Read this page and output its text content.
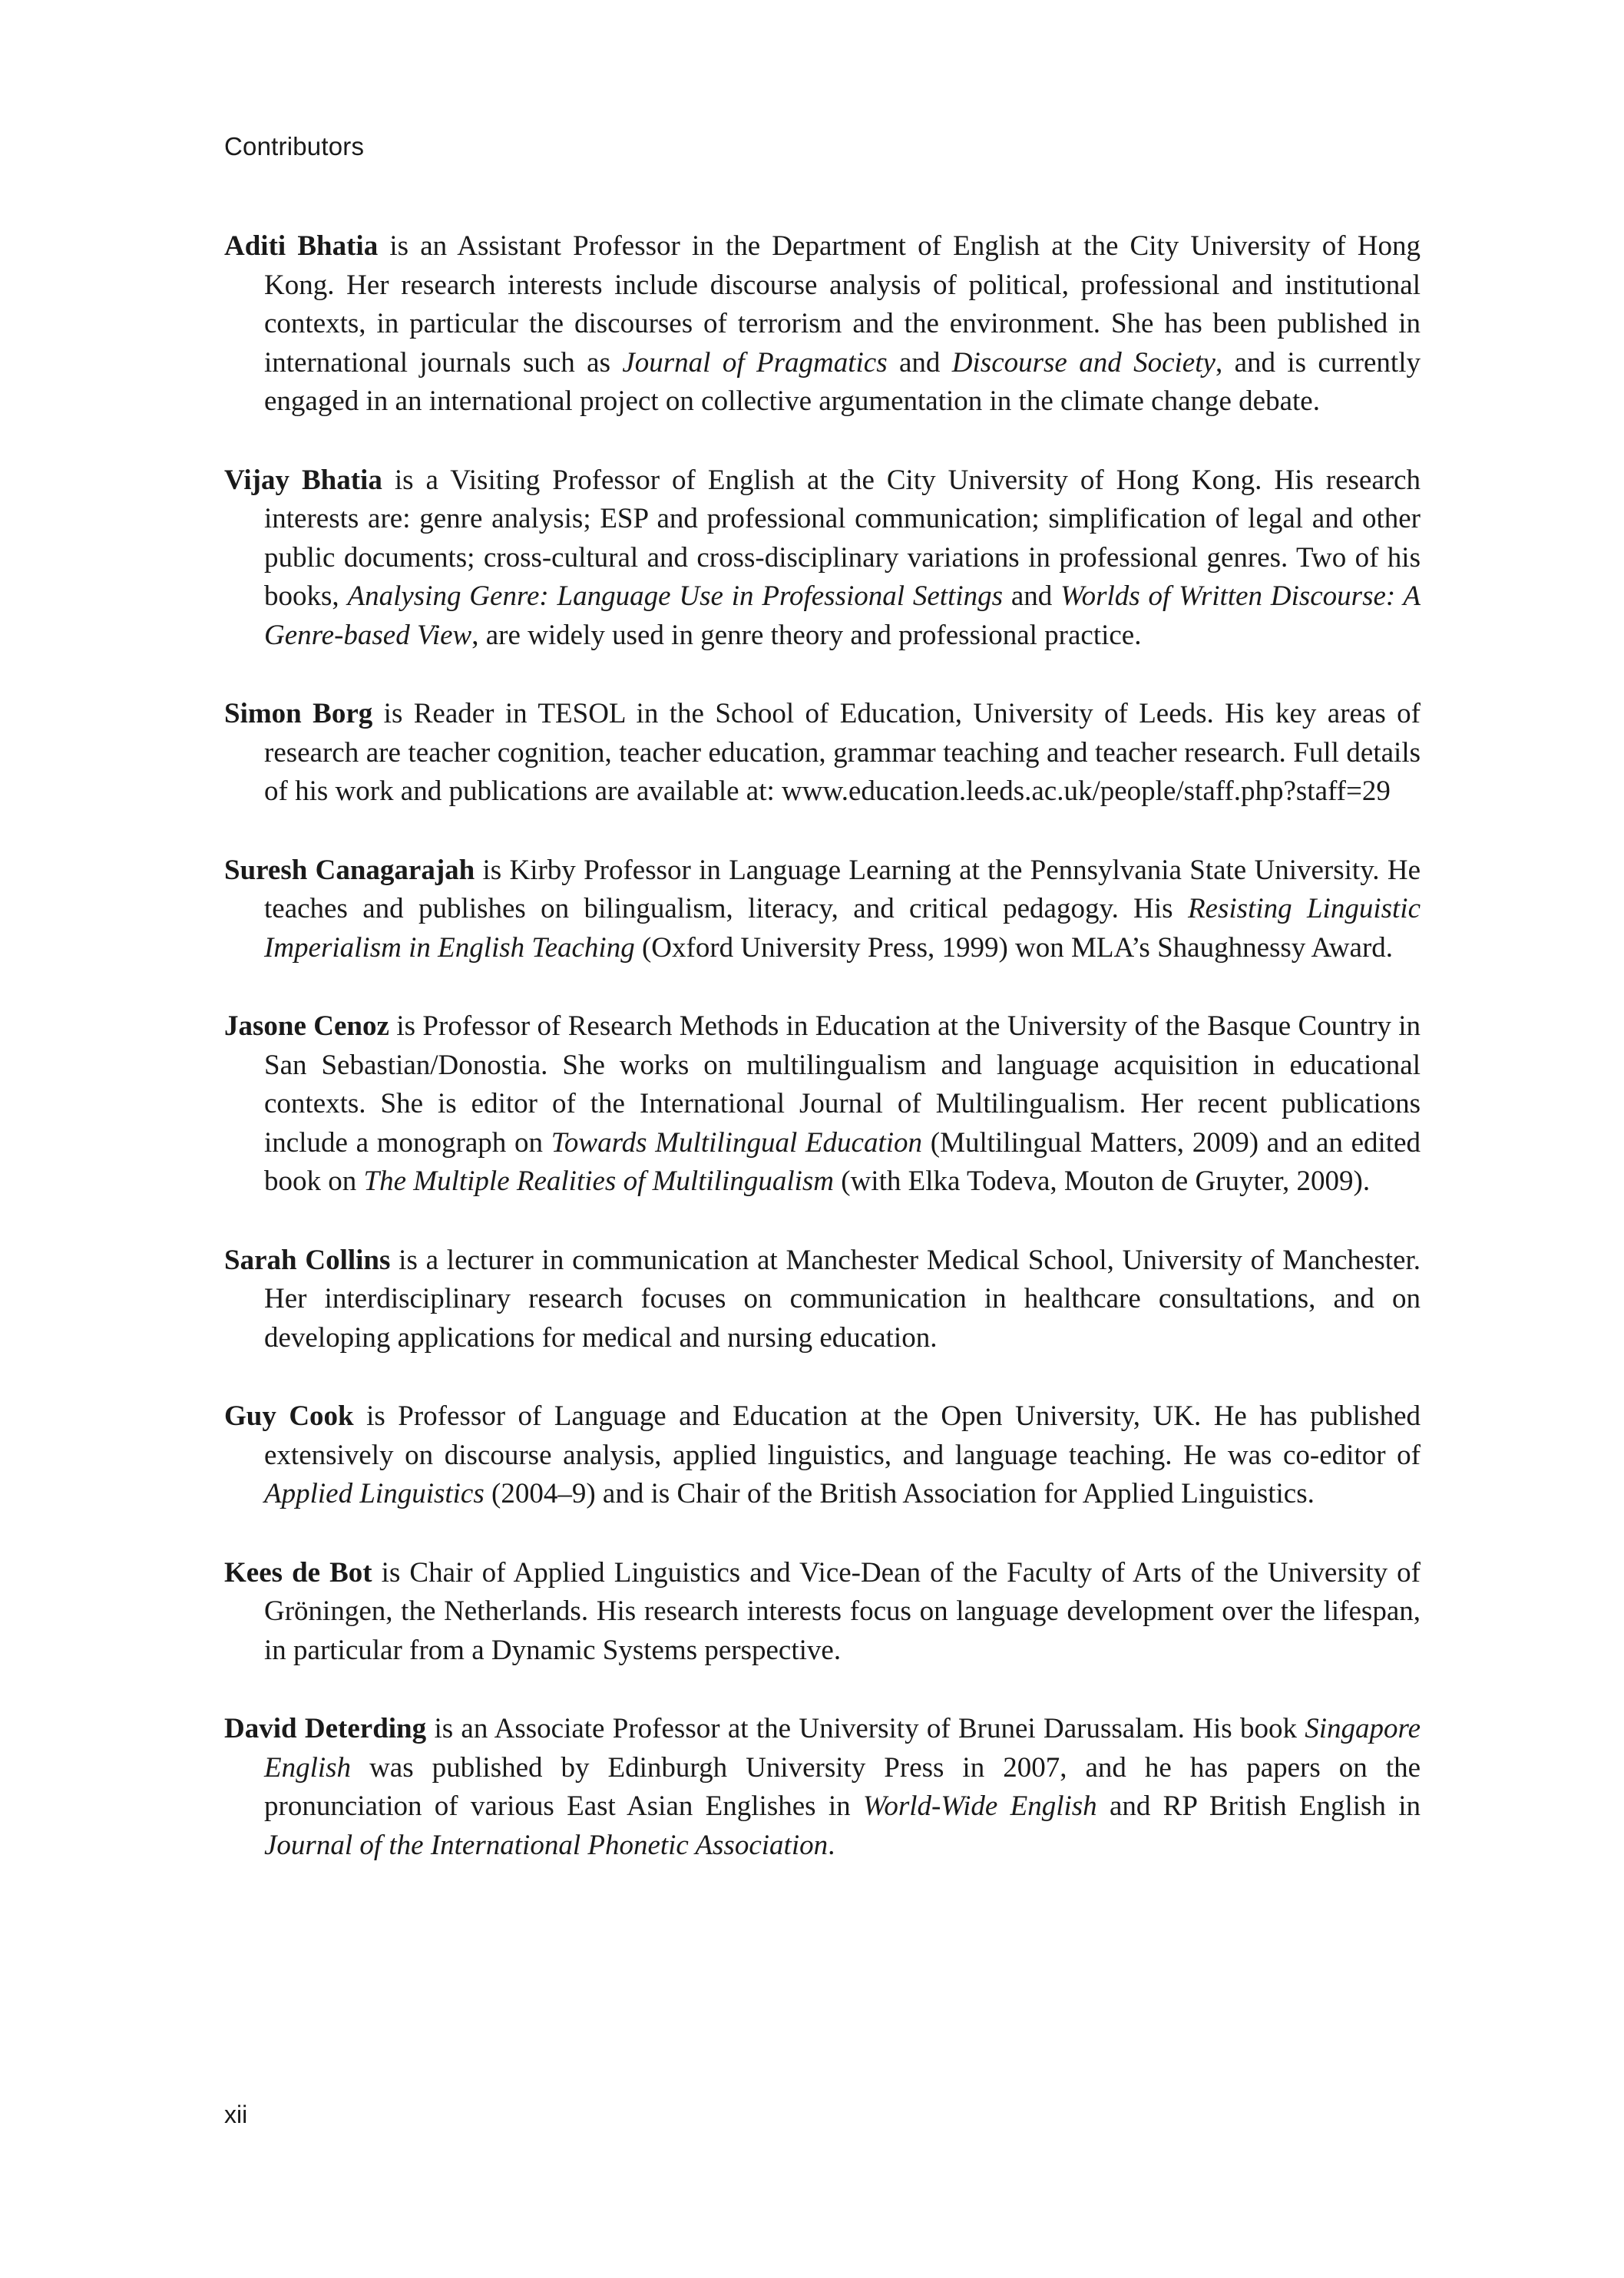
Contributors

Aditi Bhatia is an Assistant Professor in the Department of English at the City University of Hong Kong. Her research interests include discourse analysis of political, professional and institutional contexts, in particular the discourses of terrorism and the environment. She has been published in international journals such as Journal of Pragmatics and Discourse and Society, and is currently engaged in an international project on collective argumentation in the climate change debate.

Vijay Bhatia is a Visiting Professor of English at the City University of Hong Kong. His research interests are: genre analysis; ESP and professional communication; simplification of legal and other public documents; cross-cultural and cross-disciplinary variations in professional genres. Two of his books, Analysing Genre: Language Use in Professional Settings and Worlds of Written Discourse: A Genre-based View, are widely used in genre theory and professional practice.

Simon Borg is Reader in TESOL in the School of Education, University of Leeds. His key areas of research are teacher cognition, teacher education, grammar teaching and teacher research. Full details of his work and publications are available at: www.education.leeds.ac.uk/people/staff.php?staff=29

Suresh Canagarajah is Kirby Professor in Language Learning at the Pennsylvania State University. He teaches and publishes on bilingualism, literacy, and critical pedagogy. His Resisting Linguistic Imperialism in English Teaching (Oxford University Press, 1999) won MLA’s Shaughnessy Award.

Jasone Cenoz is Professor of Research Methods in Education at the University of the Basque Country in San Sebastian/Donostia. She works on multilingualism and language acquisition in educational contexts. She is editor of the International Journal of Multilingualism. Her recent publications include a monograph on Towards Multilingual Education (Multilingual Matters, 2009) and an edited book on The Multiple Realities of Multilingualism (with Elka Todeva, Mouton de Gruyter, 2009).

Sarah Collins is a lecturer in communication at Manchester Medical School, University of Manchester. Her interdisciplinary research focuses on communication in healthcare consultations, and on developing applications for medical and nursing education.

Guy Cook is Professor of Language and Education at the Open University, UK. He has published extensively on discourse analysis, applied linguistics, and language teaching. He was co-editor of Applied Linguistics (2004–9) and is Chair of the British Association for Applied Linguistics.

Kees de Bot is Chair of Applied Linguistics and Vice-Dean of the Faculty of Arts of the University of Gröningen, the Netherlands. His research interests focus on language development over the lifespan, in particular from a Dynamic Systems perspective.

David Deterding is an Associate Professor at the University of Brunei Darussalam. His book Singapore English was published by Edinburgh University Press in 2007, and he has papers on the pronunciation of various East Asian Englishes in World-Wide English and RP British English in Journal of the International Phonetic Association.

xii
